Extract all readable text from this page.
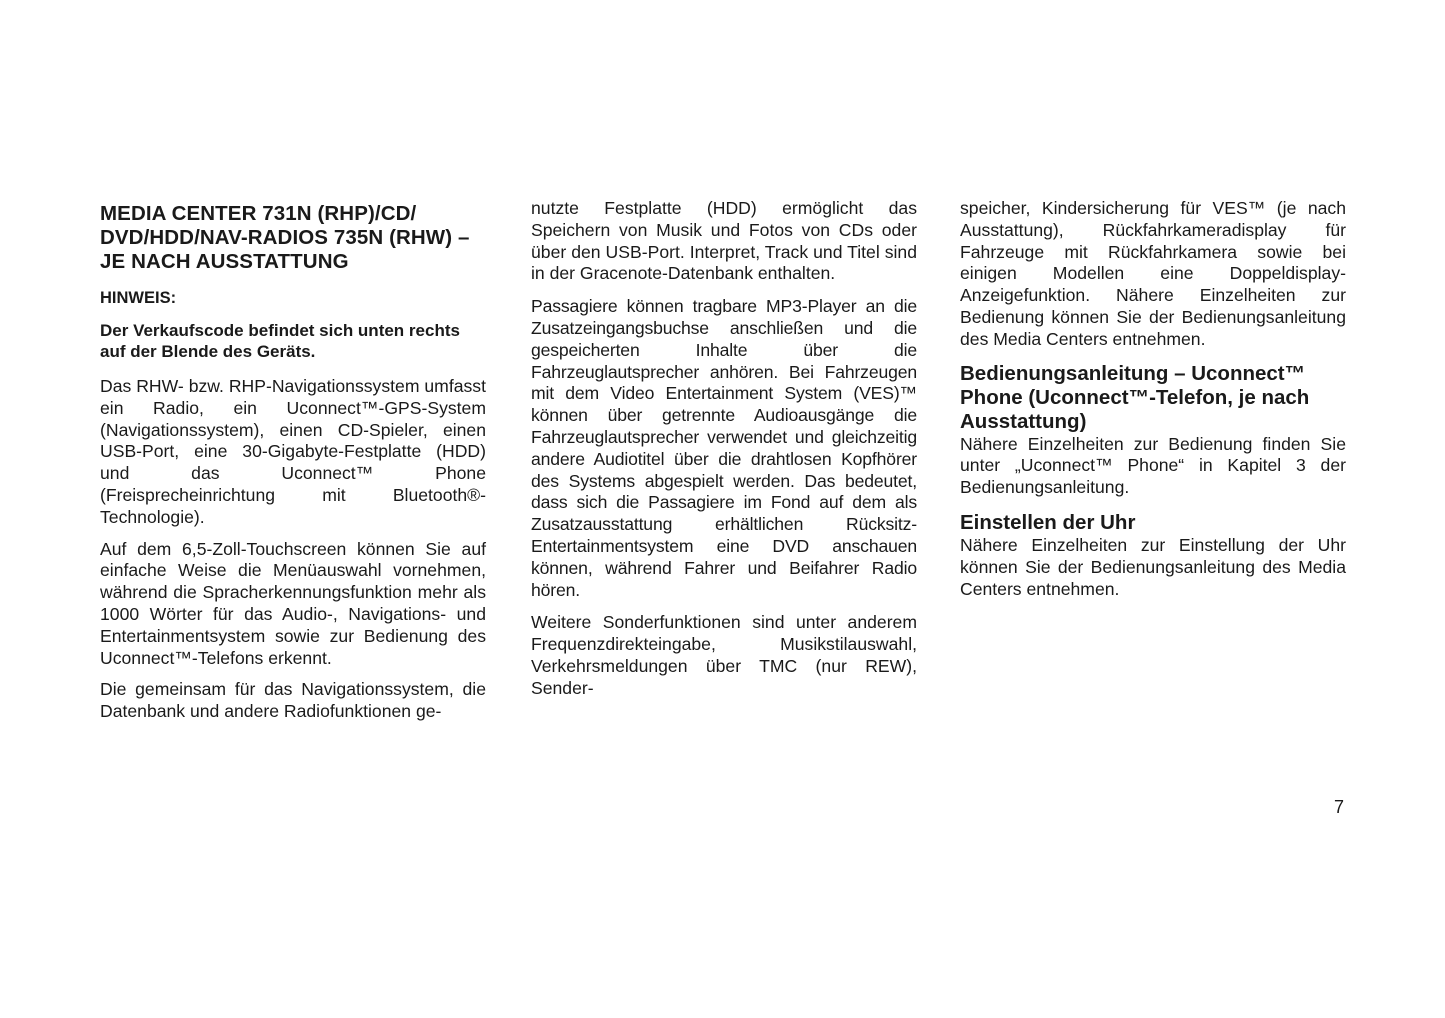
MEDIA CENTER 731N (RHP)/CD/ DVD/HDD/NAV-RADIOS 735N (RHW) – JE NACH AUSSTATTUNG
HINWEIS:
Der Verkaufscode befindet sich unten rechts auf der Blende des Geräts.

Das RHW- bzw. RHP-Navigationssystem umfasst ein Radio, ein Uconnect™-GPS-System (Navigationssystem), einen CD-Spieler, einen USB-Port, eine 30-Gigabyte-Festplatte (HDD) und das Uconnect™ Phone (Freisprecheinrichtung mit Bluetooth®-Technologie).

Auf dem 6,5-Zoll-Touchscreen können Sie auf einfache Weise die Menüauswahl vornehmen, während die Spracherkennungsfunktion mehr als 1000 Wörter für das Audio-, Navigations- und Entertainmentsystem sowie zur Bedienung des Uconnect™-Telefons erkennt.

Die gemeinsam für das Navigationssystem, die Datenbank und andere Radiofunktionen ge-

nutzte Festplatte (HDD) ermöglicht das Speichern von Musik und Fotos von CDs oder über den USB-Port. Interpret, Track und Titel sind in der Gracenote-Datenbank enthalten.

Passagiere können tragbare MP3-Player an die Zusatzeingangsbuchse anschließen und die gespeicherten Inhalte über die Fahrzeuglautsprecher anhören. Bei Fahrzeugen mit dem Video Entertainment System (VES)™ können über getrennte Audioausgänge die Fahrzeuglautsprecher verwendet und gleichzeitig andere Audiotitel über die drahtlosen Kopfhörer des Systems abgespielt werden. Das bedeutet, dass sich die Passagiere im Fond auf dem als Zusatzausstattung erhältlichen Rücksitz-Entertainmentsystem eine DVD anschauen können, während Fahrer und Beifahrer Radio hören.

Weitere Sonderfunktionen sind unter anderem Frequenzdirekteingabe, Musikstilauswahl, Verkehrsmeldungen über TMC (nur REW), Sender-

speicher, Kindersicherung für VES™ (je nach Ausstattung), Rückfahrkameradisplay für Fahrzeuge mit Rückfahrkamera sowie bei einigen Modellen eine Doppeldisplay-Anzeigefunktion. Nähere Einzelheiten zur Bedienung können Sie der Bedienungsanleitung des Media Centers entnehmen.

Bedienungsanleitung – Uconnect™ Phone (Uconnect™-Telefon, je nach Ausstattung)

Nähere Einzelheiten zur Bedienung finden Sie unter „Uconnect™ Phone“ in Kapitel 3 der Bedienungsanleitung.

Einstellen der Uhr

Nähere Einzelheiten zur Einstellung der Uhr können Sie der Bedienungsanleitung des Media Centers entnehmen.

7
